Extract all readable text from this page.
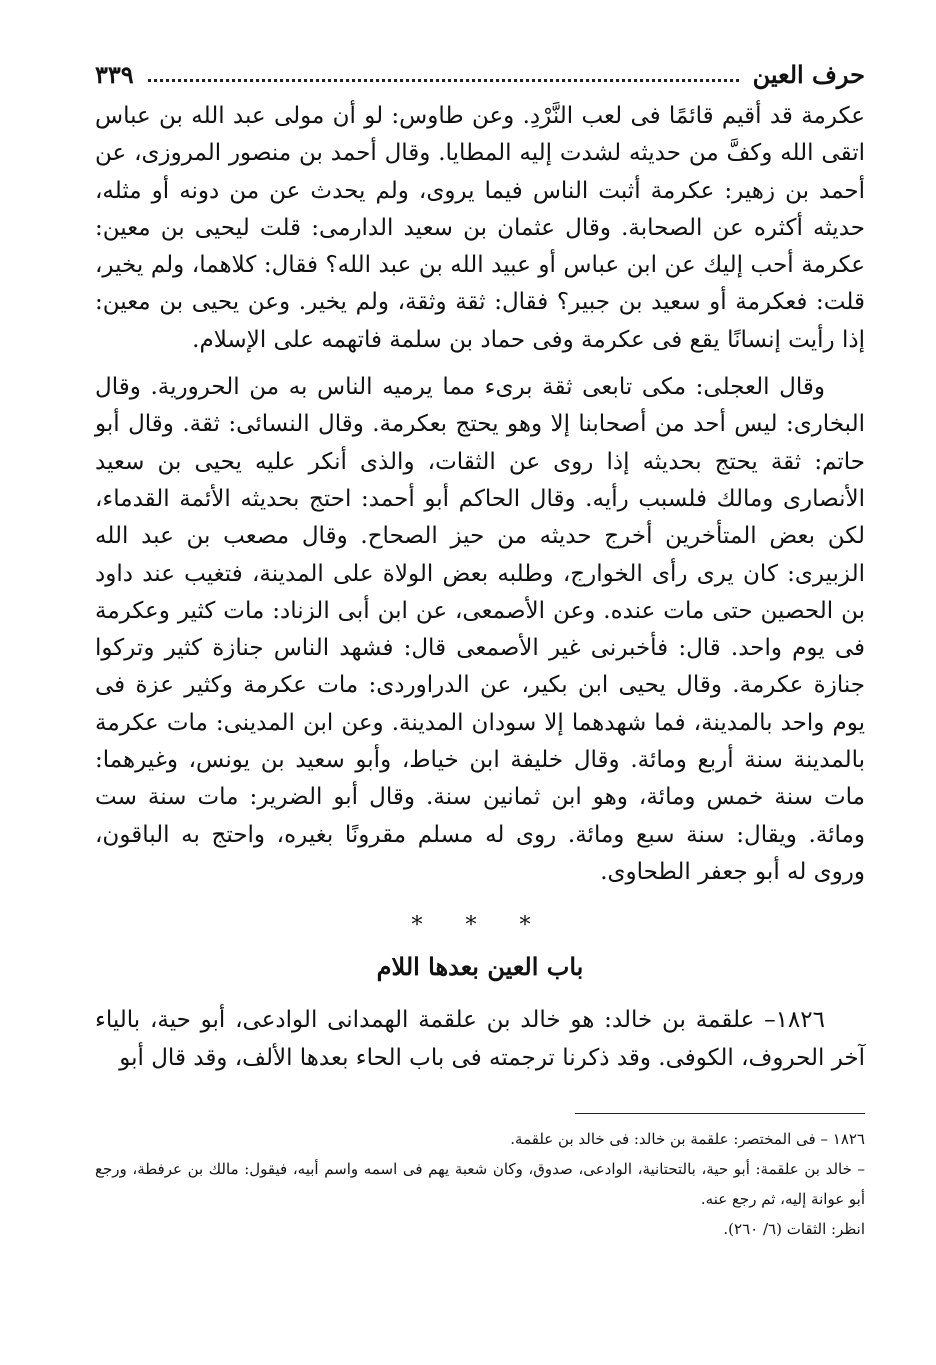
حرف العين
٣٣٩

عكرمة قد أقيم قائمًا فى لعب النَّرْدِ. وعن طاوس: لو أن مولى عبد الله بن عباس اتقى الله وكفَّ من حديثه لشدت إليه المطايا. وقال أحمد بن منصور المروزى، عن أحمد بن زهير: عكرمة أثبت الناس فيما يروى، ولم يحدث عن من دونه أو مثله، حديثه أكثره عن الصحابة. وقال عثمان بن سعيد الدارمى: قلت ليحيى بن معين: عكرمة أحب إليك عن ابن عباس أو عبيد الله بن عبد الله؟ فقال: كلاهما، ولم يخير، قلت: فعكرمة أو سعيد بن جبير؟ فقال: ثقة وثقة، ولم يخير. وعن يحيى بن معين: إذا رأيت إنسانًا يقع فى عكرمة وفى حماد بن سلمة فاتهمه على الإسلام.

وقال العجلى: مكى تابعى ثقة برىء مما يرميه الناس به من الحرورية. وقال البخارى: ليس أحد من أصحابنا إلا وهو يحتج بعكرمة. وقال النسائى: ثقة. وقال أبو حاتم: ثقة يحتج بحديثه إذا روى عن الثقات، والذى أنكر عليه يحيى بن سعيد الأنصارى ومالك فلسبب رأيه. وقال الحاكم أبو أحمد: احتج بحديثه الأئمة القدماء، لكن بعض المتأخرين أخرج حديثه من حيز الصحاح. وقال مصعب بن عبد الله الزبيرى: كان يرى رأى الخوارج، وطلبه بعض الولاة على المدينة، فتغيب عند داود بن الحصين حتى مات عنده. وعن الأصمعى، عن ابن أبى الزناد: مات كثير وعكرمة فى يوم واحد. قال: فأخبرنى غير الأصمعى قال: فشهد الناس جنازة كثير وتركوا جنازة عكرمة. وقال يحيى ابن بكير، عن الدراوردى: مات عكرمة وكثير عزة فى يوم واحد بالمدينة، فما شهدهما إلا سودان المدينة. وعن ابن المدينى: مات عكرمة بالمدينة سنة أربع ومائة. وقال خليفة ابن خياط، وأبو سعيد بن يونس، وغيرهما: مات سنة خمس ومائة، وهو ابن ثمانين سنة. وقال أبو الضرير: مات سنة ست ومائة. ويقال: سنة سبع ومائة. روى له مسلم مقرونًا بغيره، واحتج به الباقون، وروى له أبو جعفر الطحاوى.

* * *
باب العين بعدها اللام

١٨٢٦– علقمة بن خالد: هو خالد بن علقمة الهمدانى الوادعى، أبو حية، بالياء آخر الحروف، الكوفى. وقد ذكرنا ترجمته فى باب الحاء بعدها الألف، وقد قال أبو

١٨٢٦ – فى المختصر: علقمة بن خالد: فى خالد بن علقمة.

– خالد بن علقمة: أبو حية، بالتحتانية، الوادعى، صدوق، وكان شعبة يهم فى اسمه واسم أبيه، فيقول: مالك بن عرفطة، ورجع أبو عوانة إليه، ثم رجع عنه.

انظر: الثقات (٦/ ٢٦٠).
